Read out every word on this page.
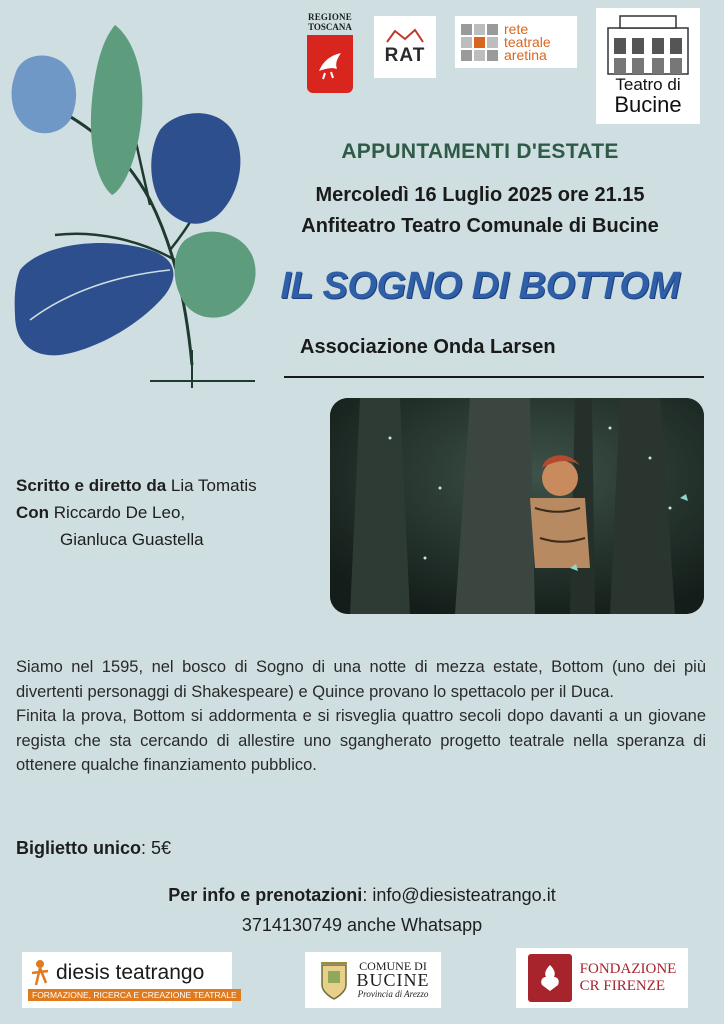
REGIONE
TOSCANA
RAT
rete
teatrale
aretina
Teatro di
Bucine
APPUNTAMENTI D'ESTATE
Mercoledì 16 Luglio 2025 ore 21.15
Anfiteatro Teatro Comunale di Bucine
IL SOGNO DI BOTTOM
Associazione Onda Larsen
Scritto e diretto da Lia Tomatis
Con Riccardo De Leo,
Gianluca Guastella
Siamo nel 1595, nel bosco di Sogno di una notte di mezza estate, Bottom (uno dei più divertenti personaggi di Shakespeare) e Quince provano lo spettacolo per il Duca.
Finita la prova, Bottom si addormenta e si risveglia quattro secoli dopo davanti a un giovane regista che sta cercando di allestire uno sgangherato progetto teatrale nella speranza di ottenere qualche finanziamento pubblico.
Biglietto unico: 5€
Per info e prenotazioni: info@diesisteatrango.it
3714130749 anche Whatsapp
diesis teatrango
FORMAZIONE, RICERCA E CREAZIONE TEATRALE
COMUNE DI
BUCINE
Provincia di Arezzo
FONDAZIONE
CR FIRENZE
